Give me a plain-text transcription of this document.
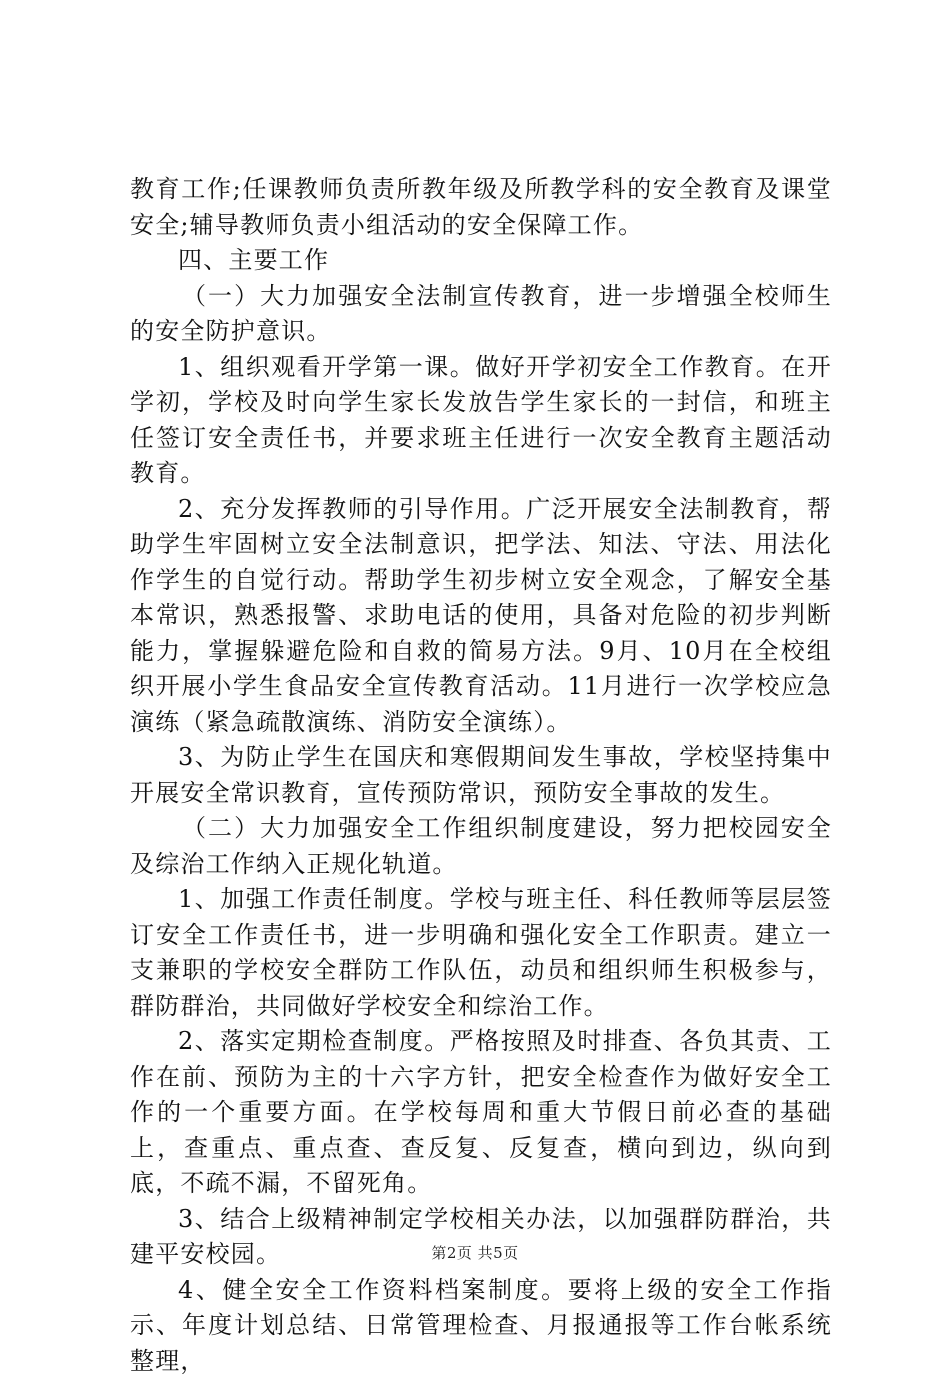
教育工作;任课教师负责所教年级及所教学科的安全教育及课堂安全;辅导教师负责小组活动的安全保障工作。

四、主要工作

（一）大力加强安全法制宣传教育，进一步增强全校师生的安全防护意识。

1、组织观看开学第一课。做好开学初安全工作教育。在开学初，学校及时向学生家长发放告学生家长的一封信，和班主任签订安全责任书，并要求班主任进行一次安全教育主题活动教育。

2、充分发挥教师的引导作用。广泛开展安全法制教育，帮助学生牢固树立安全法制意识，把学法、知法、守法、用法化作学生的自觉行动。帮助学生初步树立安全观念，了解安全基本常识，熟悉报警、求助电话的使用，具备对危险的初步判断能力，掌握躲避危险和自救的简易方法。9月、10月在全校组织开展小学生食品安全宣传教育活动。11月进行一次学校应急演练（紧急疏散演练、消防安全演练）。

3、为防止学生在国庆和寒假期间发生事故，学校坚持集中开展安全常识教育，宣传预防常识，预防安全事故的发生。

（二）大力加强安全工作组织制度建设，努力把校园安全及综治工作纳入正规化轨道。

1、加强工作责任制度。学校与班主任、科任教师等层层签订安全工作责任书，进一步明确和强化安全工作职责。建立一支兼职的学校安全群防工作队伍，动员和组织师生积极参与，群防群治，共同做好学校安全和综治工作。

2、落实定期检查制度。严格按照及时排查、各负其责、工作在前、预防为主的十六字方针，把安全检查作为做好安全工作的一个重要方面。在学校每周和重大节假日前必查的基础上，查重点、重点查、查反复、反复查，横向到边，纵向到底，不疏不漏，不留死角。

3、结合上级精神制定学校相关办法，以加强群防群治，共建平安校园。

4、健全安全工作资料档案制度。要将上级的安全工作指示、年度计划总结、日常管理检查、月报通报等工作台帐系统整理，

第2页 共5页
